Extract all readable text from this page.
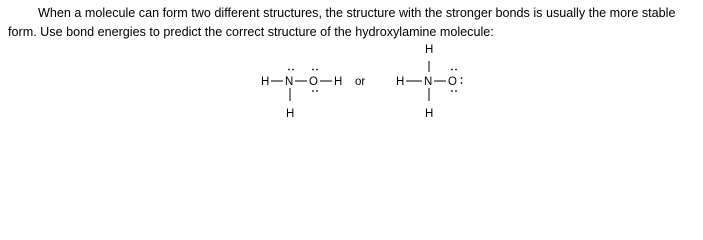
When a molecule can form two different structures, the structure with the stronger bonds is usually the more stable form. Use bond energies to predict the correct structure of the hydroxylamine molecule:
H N O H
H
or
H
H N O
H
